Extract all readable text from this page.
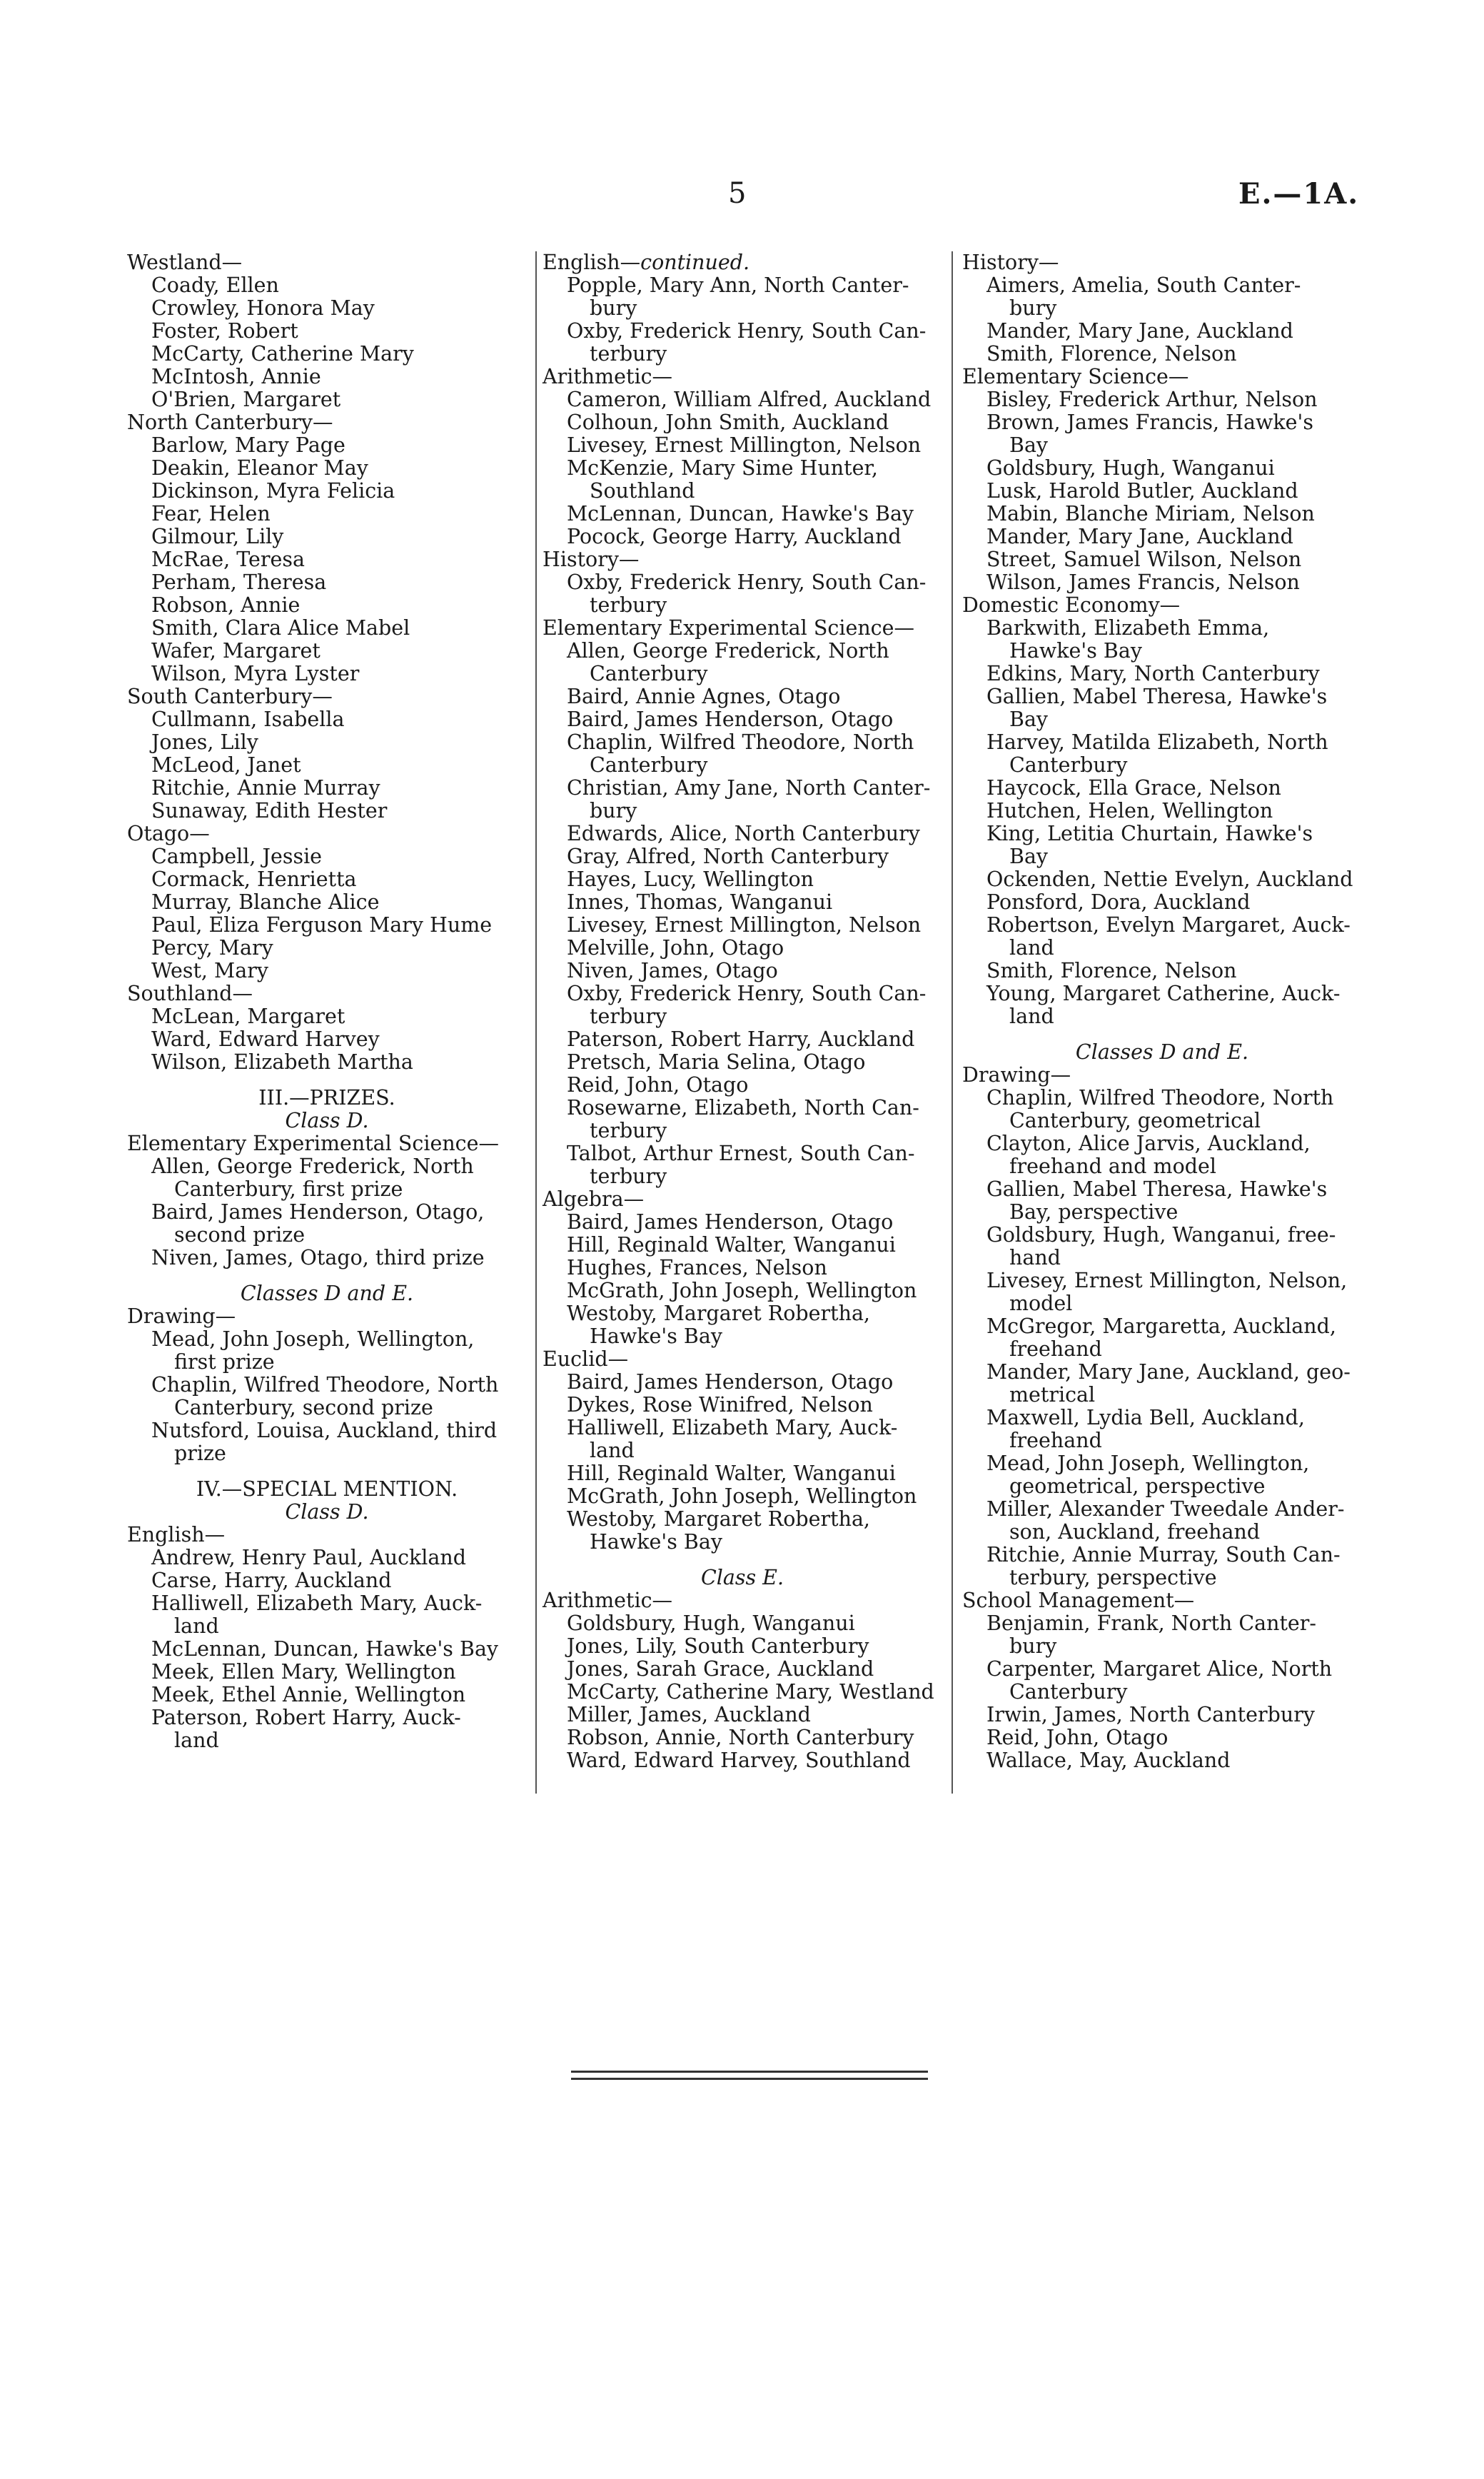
5	E.—1A.
Westland—
Coady, Ellen
Crowley, Honora May
Foster, Robert
McCarty, Catherine Mary
McIntosh, Annie
O'Brien, Margaret
North Canterbury—
Barlow, Mary Page
Deakin, Eleanor May
Dickinson, Myra Felicia
Fear, Helen
Gilmour, Lily
McRae, Teresa
Perham, Theresa
Robson, Annie
Smith, Clara Alice Mabel
Wafer, Margaret
Wilson, Myra Lyster
South Canterbury—
Cullmann, Isabella
Jones, Lily
McLeod, Janet
Ritchie, Annie Murray
Sunaway, Edith Hester
Otago—
Campbell, Jessie
Cormack, Henrietta
Murray, Blanche Alice
Paul, Eliza Ferguson Mary Hume
Percy, Mary
West, Mary
Southland—
McLean, Margaret
Ward, Edward Harvey
Wilson, Elizabeth Martha
III.—PRIZES.
Class D.
Elementary Experimental Science—
Allen, George Frederick, North
Canterbury, first prize
Baird, James Henderson, Otago,
second prize
Niven, James, Otago, third prize
Classes D and E.
Drawing—
Mead, John Joseph, Wellington,
first prize
Chaplin, Wilfred Theodore, North
Canterbury, second prize
Nutsford, Louisa, Auckland, third
prize
IV.—SPECIAL MENTION.
Class D.
English—
Andrew, Henry Paul, Auckland
Carse, Harry, Auckland
Halliwell, Elizabeth Mary, Auck-
land
McLennan, Duncan, Hawke's Bay
Meek, Ellen Mary, Wellington
Meek, Ethel Annie, Wellington
Paterson, Robert Harry, Auck-
land
English—continued.
Popple, Mary Ann, North Canter-
bury
Oxby, Frederick Henry, South Can-
terbury
Arithmetic—
Cameron, William Alfred, Auckland
Colhoun, John Smith, Auckland
Livesey, Ernest Millington, Nelson
McKenzie, Mary Sime Hunter,
Southland
McLennan, Duncan, Hawke's Bay
Pocock, George Harry, Auckland
History—
Oxby, Frederick Henry, South Can-
terbury
Elementary Experimental Science—
Allen, George Frederick, North
Canterbury
Baird, Annie Agnes, Otago
Baird, James Henderson, Otago
Chaplin, Wilfred Theodore, North
Canterbury
Christian, Amy Jane, North Canter-
bury
Edwards, Alice, North Canterbury
Gray, Alfred, North Canterbury
Hayes, Lucy, Wellington
Innes, Thomas, Wanganui
Livesey, Ernest Millington, Nelson
Melville, John, Otago
Niven, James, Otago
Oxby, Frederick Henry, South Can-
terbury
Paterson, Robert Harry, Auckland
Pretsch, Maria Selina, Otago
Reid, John, Otago
Rosewarne, Elizabeth, North Can-
terbury
Talbot, Arthur Ernest, South Can-
terbury
Algebra—
Baird, James Henderson, Otago
Hill, Reginald Walter, Wanganui
Hughes, Frances, Nelson
McGrath, John Joseph, Wellington
Westoby, Margaret Robertha,
Hawke's Bay
Euclid—
Baird, James Henderson, Otago
Dykes, Rose Winifred, Nelson
Halliwell, Elizabeth Mary, Auck-
land
Hill, Reginald Walter, Wanganui
McGrath, John Joseph, Wellington
Westoby, Margaret Robertha,
Hawke's Bay
Class E.
Arithmetic—
Goldsbury, Hugh, Wanganui
Jones, Lily, South Canterbury
Jones, Sarah Grace, Auckland
McCarty, Catherine Mary, Westland
Miller, James, Auckland
Robson, Annie, North Canterbury
Ward, Edward Harvey, Southland
History—
Aimers, Amelia, South Canter-
bury
Mander, Mary Jane, Auckland
Smith, Florence, Nelson
Elementary Science—
Bisley, Frederick Arthur, Nelson
Brown, James Francis, Hawke's
Bay
Goldsbury, Hugh, Wanganui
Lusk, Harold Butler, Auckland
Mabin, Blanche Miriam, Nelson
Mander, Mary Jane, Auckland
Street, Samuel Wilson, Nelson
Wilson, James Francis, Nelson
Domestic Economy—
Barkwith, Elizabeth Emma,
Hawke's Bay
Edkins, Mary, North Canterbury
Gallien, Mabel Theresa, Hawke's
Bay
Harvey, Matilda Elizabeth, North
Canterbury
Haycock, Ella Grace, Nelson
Hutchen, Helen, Wellington
King, Letitia Churtain, Hawke's
Bay
Ockenden, Nettie Evelyn, Auckland
Ponsford, Dora, Auckland
Robertson, Evelyn Margaret, Auck-
land
Smith, Florence, Nelson
Young, Margaret Catherine, Auck-
land
Classes D and E.
Drawing—
Chaplin, Wilfred Theodore, North
Canterbury, geometrical
Clayton, Alice Jarvis, Auckland,
freehand and model
Gallien, Mabel Theresa, Hawke's
Bay, perspective
Goldsbury, Hugh, Wanganui, free-
hand
Livesey, Ernest Millington, Nelson,
model
McGregor, Margaretta, Auckland,
freehand
Mander, Mary Jane, Auckland, geo-
metrical
Maxwell, Lydia Bell, Auckland,
freehand
Mead, John Joseph, Wellington,
geometrical, perspective
Miller, Alexander Tweedale Ander-
son, Auckland, freehand
Ritchie, Annie Murray, South Can-
terbury, perspective
School Management—
Benjamin, Frank, North Canter-
bury
Carpenter, Margaret Alice, North
Canterbury
Irwin, James, North Canterbury
Reid, John, Otago
Wallace, May, Auckland
